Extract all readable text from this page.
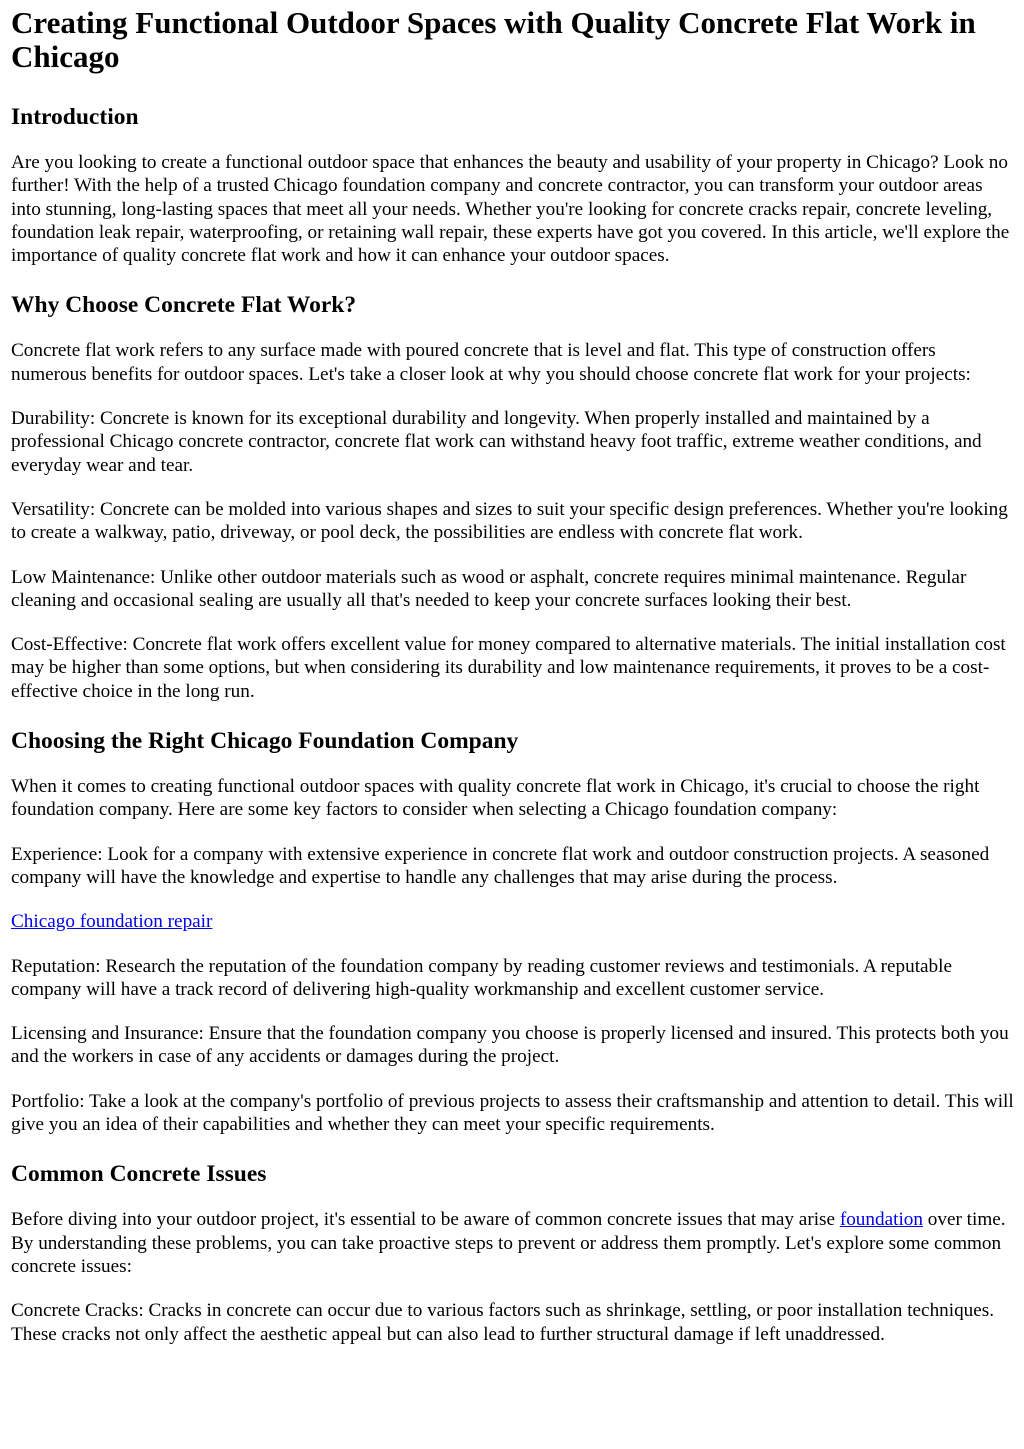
Creating Functional Outdoor Spaces with Quality Concrete Flat Work in Chicago
Introduction

Are you looking to create a functional outdoor space that enhances the beauty and usability of your property in Chicago? Look no further! With the help of a trusted Chicago foundation company and concrete contractor, you can transform your outdoor areas into stunning, long-lasting spaces that meet all your needs. Whether you're looking for concrete cracks repair, concrete leveling, foundation leak repair, waterproofing, or retaining wall repair, these experts have got you covered. In this article, we'll explore the importance of quality concrete flat work and how it can enhance your outdoor spaces.

Why Choose Concrete Flat Work?

Concrete flat work refers to any surface made with poured concrete that is level and flat. This type of construction offers numerous benefits for outdoor spaces. Let's take a closer look at why you should choose concrete flat work for your projects:

Durability: Concrete is known for its exceptional durability and longevity. When properly installed and maintained by a professional Chicago concrete contractor, concrete flat work can withstand heavy foot traffic, extreme weather conditions, and everyday wear and tear.

Versatility: Concrete can be molded into various shapes and sizes to suit your specific design preferences. Whether you're looking to create a walkway, patio, driveway, or pool deck, the possibilities are endless with concrete flat work.

Low Maintenance: Unlike other outdoor materials such as wood or asphalt, concrete requires minimal maintenance. Regular cleaning and occasional sealing are usually all that's needed to keep your concrete surfaces looking their best.

Cost-Effective: Concrete flat work offers excellent value for money compared to alternative materials. The initial installation cost may be higher than some options, but when considering its durability and low maintenance requirements, it proves to be a cost-effective choice in the long run.

Choosing the Right Chicago Foundation Company

When it comes to creating functional outdoor spaces with quality concrete flat work in Chicago, it's crucial to choose the right foundation company. Here are some key factors to consider when selecting a Chicago foundation company:

Experience: Look for a company with extensive experience in concrete flat work and outdoor construction projects. A seasoned company will have the knowledge and expertise to handle any challenges that may arise during the process.

Chicago foundation repair

Reputation: Research the reputation of the foundation company by reading customer reviews and testimonials. A reputable company will have a track record of delivering high-quality workmanship and excellent customer service.

Licensing and Insurance: Ensure that the foundation company you choose is properly licensed and insured. This protects both you and the workers in case of any accidents or damages during the project.

Portfolio: Take a look at the company's portfolio of previous projects to assess their craftsmanship and attention to detail. This will give you an idea of their capabilities and whether they can meet your specific requirements.

Common Concrete Issues

Before diving into your outdoor project, it's essential to be aware of common concrete issues that may arise foundation over time. By understanding these problems, you can take proactive steps to prevent or address them promptly. Let's explore some common concrete issues:

Concrete Cracks: Cracks in concrete can occur due to various factors such as shrinkage, settling, or poor installation techniques. These cracks not only affect the aesthetic appeal but can also lead to further structural damage if left unaddressed.
